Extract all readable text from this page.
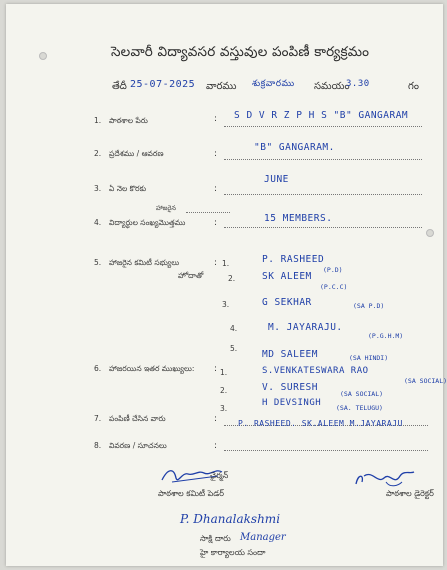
సెలవారీ విద్యావసర వస్తువుల పంపిణీ కార్యక్రమం
తేదీ 25-07-2025 వారము శుక్రవారము సమయం
3.30	గం
1. పాఠశాల పేరు	: S D V R Z P H S "B" GANGARAM
2. ప్రదేశము / ఆవరణ	:
"B" GANGARAM.
3. ఏ నెల కొరకు	:
JUNE
హాజరైన
4. విద్యార్థుల సంఖ్యమొత్తము	:	15 MEMBERS.
5. హాజరైన కమిటీ సభ్యులు
హోదాతో
: 1.	P. RASHEED
(P.D)
2.	SK ALEEM
(P.C.C)
3.	G SEKHAR	(SA P.D)
4.	M. JAYARAJU.
(P.G.H.M)
5.
MD SALEEM	(SA HINDI)
6. హాజరయిన ఇతర ముఖ్యులు: : 1.	S.VENKATESWARA RAO
(SA SOCIAL)
2.	V. SURESH
(SA SOCIAL)
3.
H DEVSINGH (SA. TELUGU)
7. పంపిణీ చేసిన వారు	:	P. RASHEED. SK.ALEEM M.JAYARAJU
8. వివరణ / సూచనలు	:
ఛైర్మన్
పాఠశాల కమిటీ పెడర్	పాఠశాల డైరెక్టర్
P. Dhanalakshmi
సాక్షి దారు Manager
హై కార్యాలయ సందా
